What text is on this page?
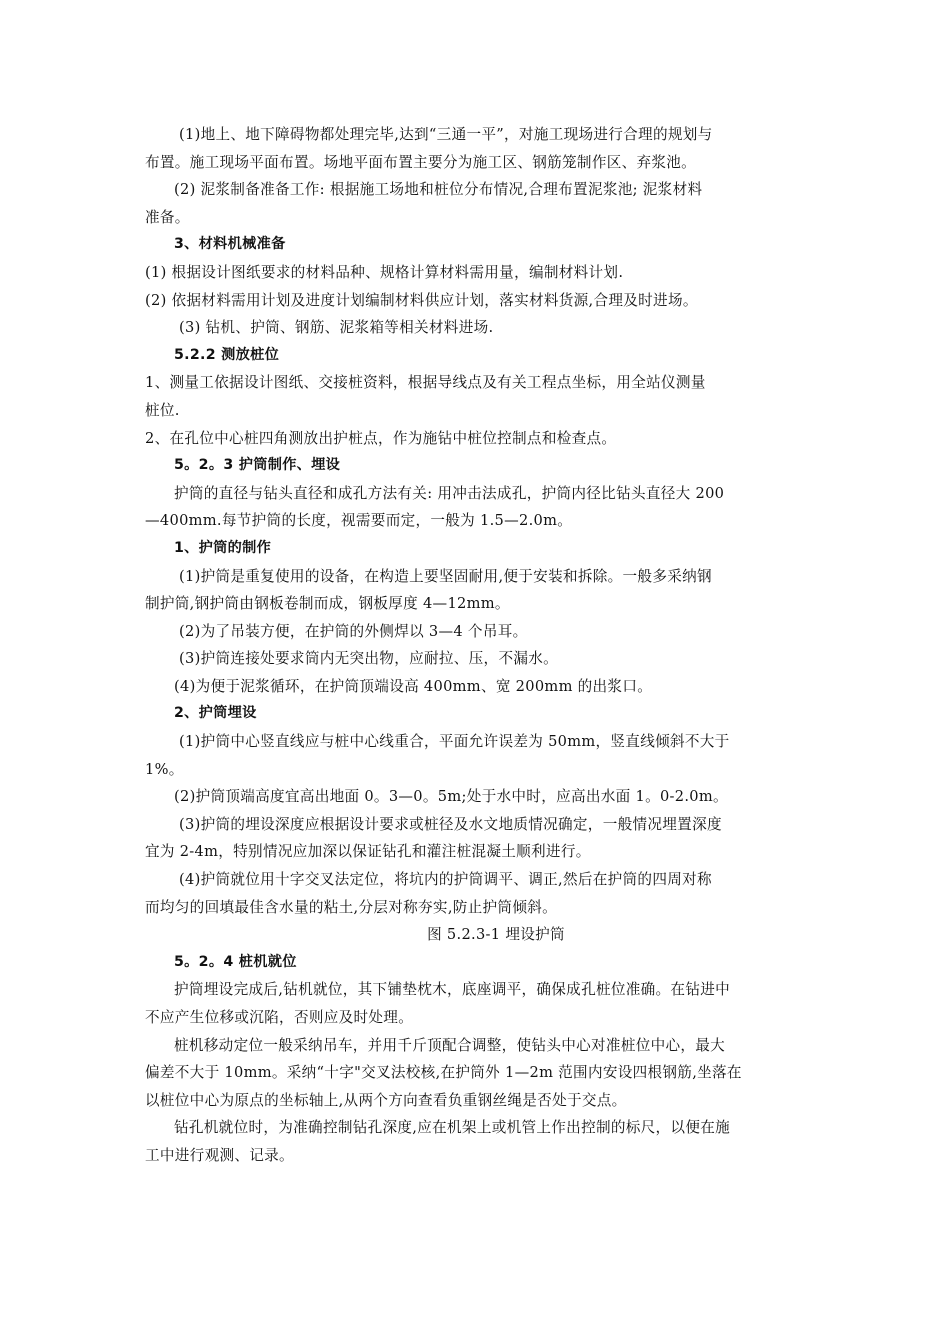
(1)地上、地下障碍物都处理完毕,达到“三通一平”，对施工现场进行合理的规划与
布置。施工现场平面布置。场地平面布置主要分为施工区、钢筋笼制作区、弃浆池。
(2) 泥浆制备准备工作: 根据施工场地和桩位分布情况,合理布置泥浆池; 泥浆材料
准备。
3、材料机械准备
(1) 根据设计图纸要求的材料品种、规格计算材料需用量，编制材料计划.
(2) 依据材料需用计划及进度计划编制材料供应计划，落实材料货源,合理及时进场。
(3) 钻机、护筒、钢筋、泥浆箱等相关材料进场.
5.2.2 测放桩位
1、测量工依据设计图纸、交接桩资料，根据导线点及有关工程点坐标，用全站仪测量
桩位.
2、在孔位中心桩四角测放出护桩点，作为施钻中桩位控制点和检查点。
5。2。3 护筒制作、埋设
护筒的直径与钻头直径和成孔方法有关: 用冲击法成孔，护筒内径比钻头直径大 200
—400mm.每节护筒的长度，视需要而定，一般为 1.5—2.0m。
1、护筒的制作
(1)护筒是重复使用的设备，在构造上要坚固耐用,便于安装和拆除。一般多采纳钢
制护筒,钢护筒由钢板卷制而成，钢板厚度 4—12mm。
(2)为了吊装方便，在护筒的外侧焊以 3—4 个吊耳。
(3)护筒连接处要求筒内无突出物，应耐拉、压，不漏水。
(4)为便于泥浆循环，在护筒顶端设高 400mm、宽 200mm 的出浆口。
2、护筒埋设
(1)护筒中心竖直线应与桩中心线重合，平面允许误差为 50mm，竖直线倾斜不大于
1%。
(2)护筒顶端高度宜高出地面 0。3—0。5m;处于水中时，应高出水面 1。0-2.0m。
(3)护筒的埋设深度应根据设计要求或桩径及水文地质情况确定，一般情况埋置深度
宜为 2-4m，特别情况应加深以保证钻孔和灌注桩混凝土顺利进行。
(4)护筒就位用十字交叉法定位，将坑内的护筒调平、调正,然后在护筒的四周对称
而均匀的回填最佳含水量的粘土,分层对称夯实,防止护筒倾斜。
图 5.2.3-1 埋设护筒
5。2。4 桩机就位
护筒埋设完成后,钻机就位，其下铺垫枕木，底座调平，确保成孔桩位准确。在钻进中
不应产生位移或沉陷，否则应及时处理。
桩机移动定位一般采纳吊车，并用千斤顶配合调整，使钻头中心对准桩位中心，最大
偏差不大于 10mm。采纳“十字"交叉法校核,在护筒外 1—2m 范围内安设四根钢筋,坐落在
以桩位中心为原点的坐标轴上,从两个方向查看负重钢丝绳是否处于交点。
钻孔机就位时，为准确控制钻孔深度,应在机架上或机管上作出控制的标尺，以便在施
工中进行观测、记录。
